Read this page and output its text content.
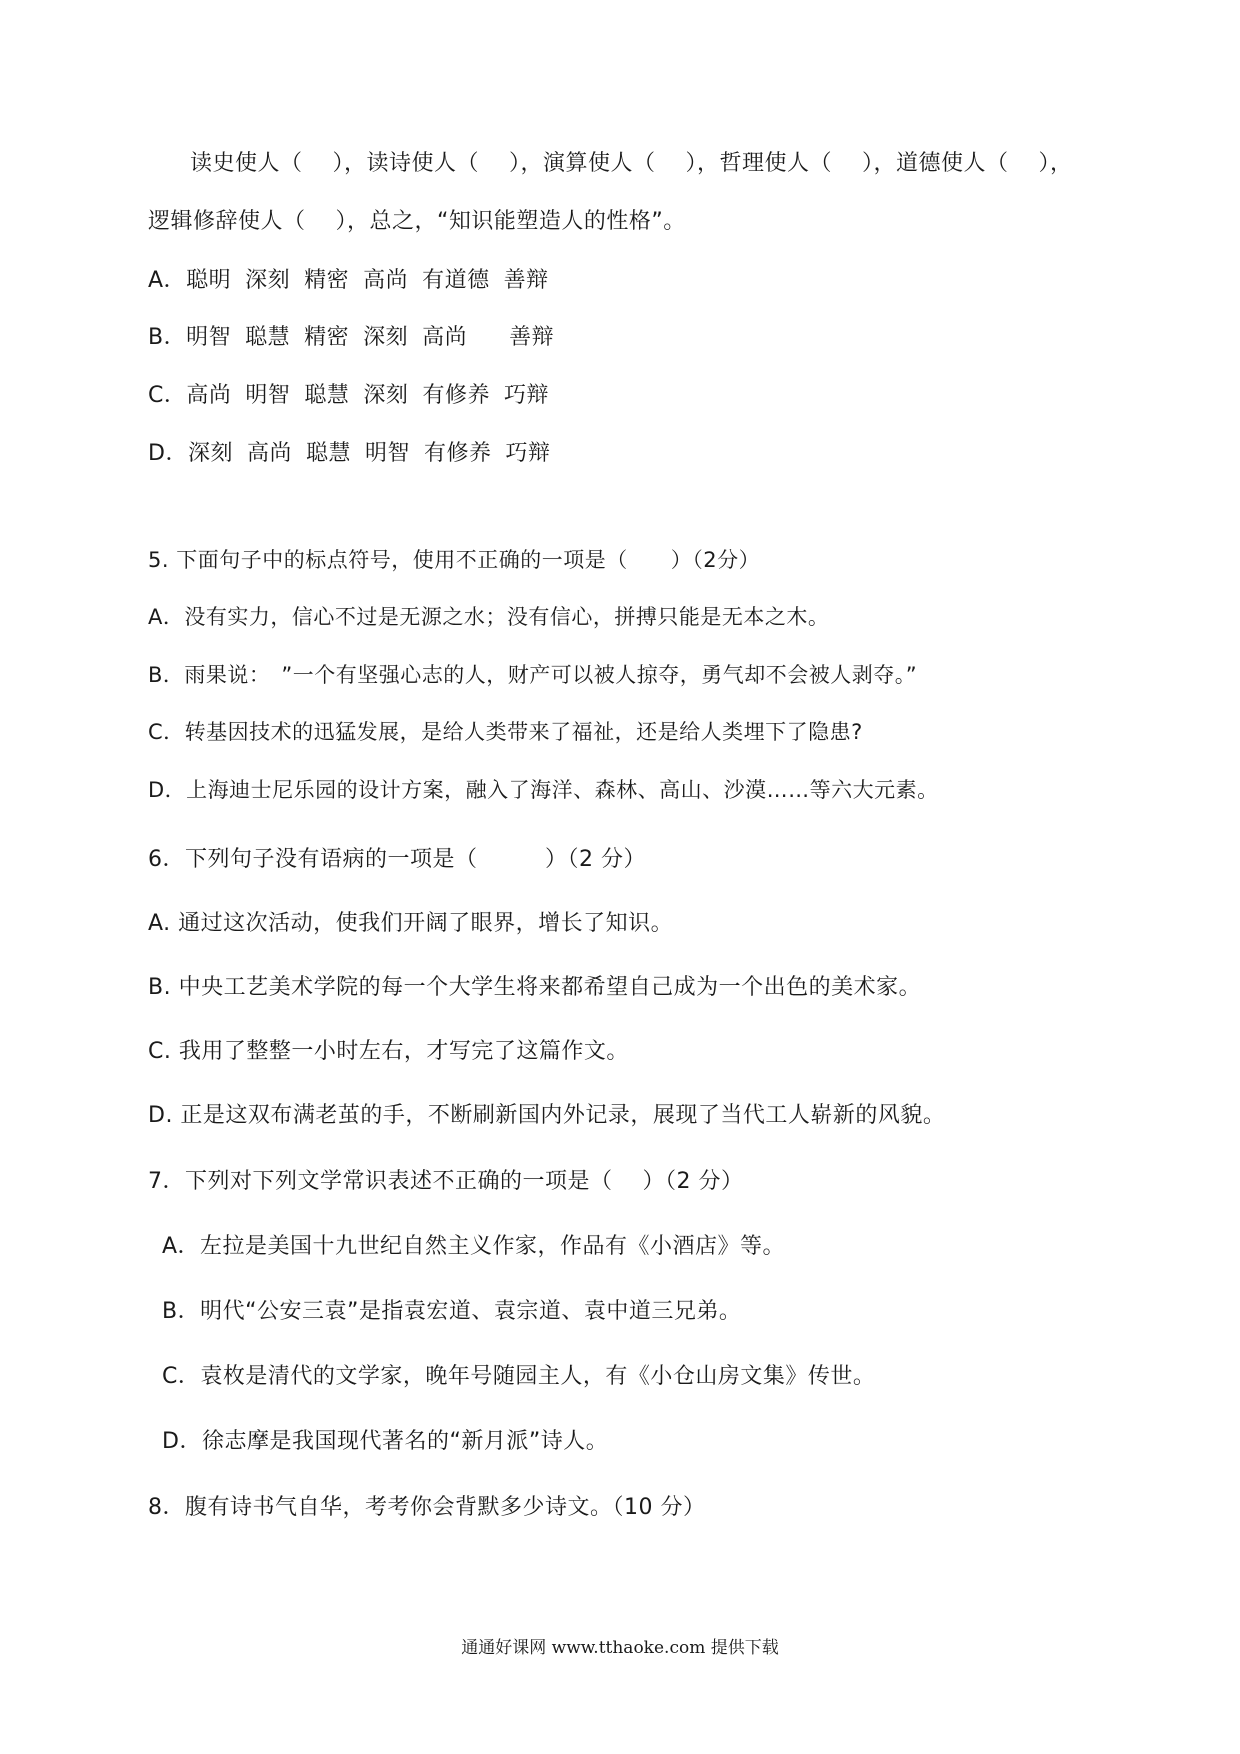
读史使人（　 ），读诗使人（　 ），演算使人（　 ），哲理使人（　 ），道德使人（　 ），
逻辑修辞使人（　 ），总之，“知识能塑造人的性格”。
A．聪明 深刻 精密 高尚 有道德 善辩
B．明智 聪慧 精密 深刻 高尚 善辩
C．高尚 明智 聪慧 深刻 有修养 巧辩
D．深刻 高尚 聪慧 明智 有修养 巧辩
5. 下面句子中的标点符号，使用不正确的一项是（　　）（2分）
A．没有实力，信心不过是无源之水；没有信心，拼搏只能是无本之木。
B．雨果说：　”一个有坚强心志的人，财产可以被人掠夺，勇气却不会被人剥夺。”
C．转基因技术的迅猛发展，是给人类带来了福祉，还是给人类埋下了隐患?
D．上海迪士尼乐园的设计方案，融入了海洋、森林、高山、沙漠……等六大元素。
6．下列句子没有语病的一项是（　　　）（2 分）
A. 通过这次活动，使我们开阔了眼界，增长了知识。
B. 中央工艺美术学院的每一个大学生将来都希望自己成为一个出色的美术家。
C. 我用了整整一小时左右，才写完了这篇作文。
D. 正是这双布满老茧的手，不断刷新国内外记录，展现了当代工人崭新的风貌。
7．下列对下列文学常识表述不正确的一项是（　 ）（2 分）
A．左拉是美国十九世纪自然主义作家，作品有《小酒店》等。
B．明代“公安三袁”是指袁宏道、袁宗道、袁中道三兄弟。
C．袁枚是清代的文学家，晚年号随园主人，有《小仓山房文集》传世。
D．徐志摩是我国现代著名的“新月派”诗人。
8．腹有诗书气自华，考考你会背默多少诗文。（10 分）
通通好课网 www.tthaoke.com 提供下载
